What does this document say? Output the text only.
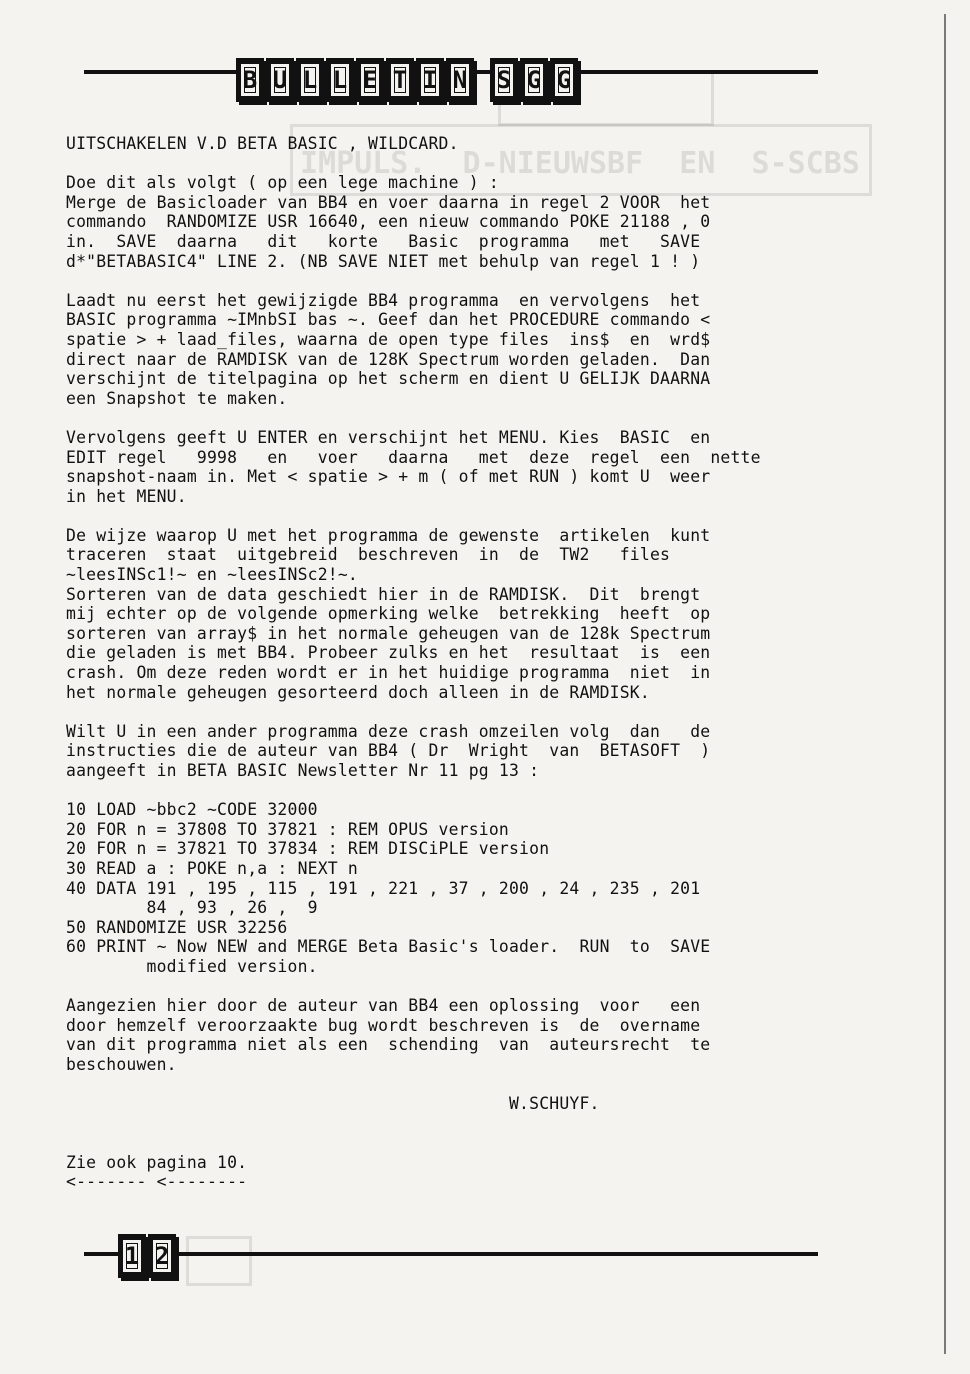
IMPULS.  D-NIEUWSBF  EN  S-SCBS
B U L L E T I N S G G
UITSCHAKELEN V.D BETA BASIC , WILDCARD.
Doe dit als volgt ( op een lege machine ) :
Merge de Basicloader van BB4 en voer daarna in regel 2 VOOR  het
commando  RANDOMIZE USR 16640, een nieuw commando POKE 21188 , 0
in.  SAVE  daarna   dit   korte   Basic  programma   met   SAVE
d*"BETABASIC4" LINE 2. (NB SAVE NIET met behulp van regel 1 ! )
Laadt nu eerst het gewijzigde BB4 programma  en vervolgens  het
BASIC programma ~IMnbSI bas ~. Geef dan het PROCEDURE commando <
spatie > + laad_files, waarna de open type files  ins$  en  wrd$
direct naar de RAMDISK van de 128K Spectrum worden geladen.  Dan
verschijnt de titelpagina op het scherm en dient U GELIJK DAARNA
een Snapshot te maken.
Vervolgens geeft U ENTER en verschijnt het MENU. Kies  BASIC  en
EDIT regel   9998   en   voer   daarna   met  deze  regel  een  nette
snapshot-naam in. Met < spatie > + m ( of met RUN ) komt U  weer
in het MENU.
De wijze waarop U met het programma de gewenste  artikelen  kunt
traceren  staat  uitgebreid  beschreven  in  de  TW2   files
~leesINSc1!~ en ~leesINSc2!~.
Sorteren van de data geschiedt hier in de RAMDISK.  Dit  brengt
mij echter op de volgende opmerking welke  betrekking  heeft  op
sorteren van array$ in het normale geheugen van de 128k Spectrum
die geladen is met BB4. Probeer zulks en het  resultaat  is  een
crash. Om deze reden wordt er in het huidige programma  niet  in
het normale geheugen gesorteerd doch alleen in de RAMDISK.
Wilt U in een ander programma deze crash omzeilen volg  dan   de
instructies die de auteur van BB4 ( Dr  Wright  van  BETASOFT  )
aangeeft in BETA BASIC Newsletter Nr 11 pg 13 :
10 LOAD ~bbc2 ~CODE 32000
20 FOR n = 37808 TO 37821 : REM OPUS version
20 FOR n = 37821 TO 37834 : REM DISCiPLE version
30 READ a : POKE n,a : NEXT n
40 DATA 191 , 195 , 115 , 191 , 221 , 37 , 200 , 24 , 235 , 201
84 , 93 , 26 ,  9
50 RANDOMIZE USR 32256
60 PRINT ~ Now NEW and MERGE Beta Basic's loader.  RUN  to  SAVE
modified version.
Aangezien hier door de auteur van BB4 een oplossing  voor   een
door hemzelf veroorzaakte bug wordt beschreven is  de  overname
van dit programma niet als een  schending  van  auteursrecht  te
beschouwen.
W.SCHUYF.
Zie ook pagina 10.
<------- <--------
1 2
